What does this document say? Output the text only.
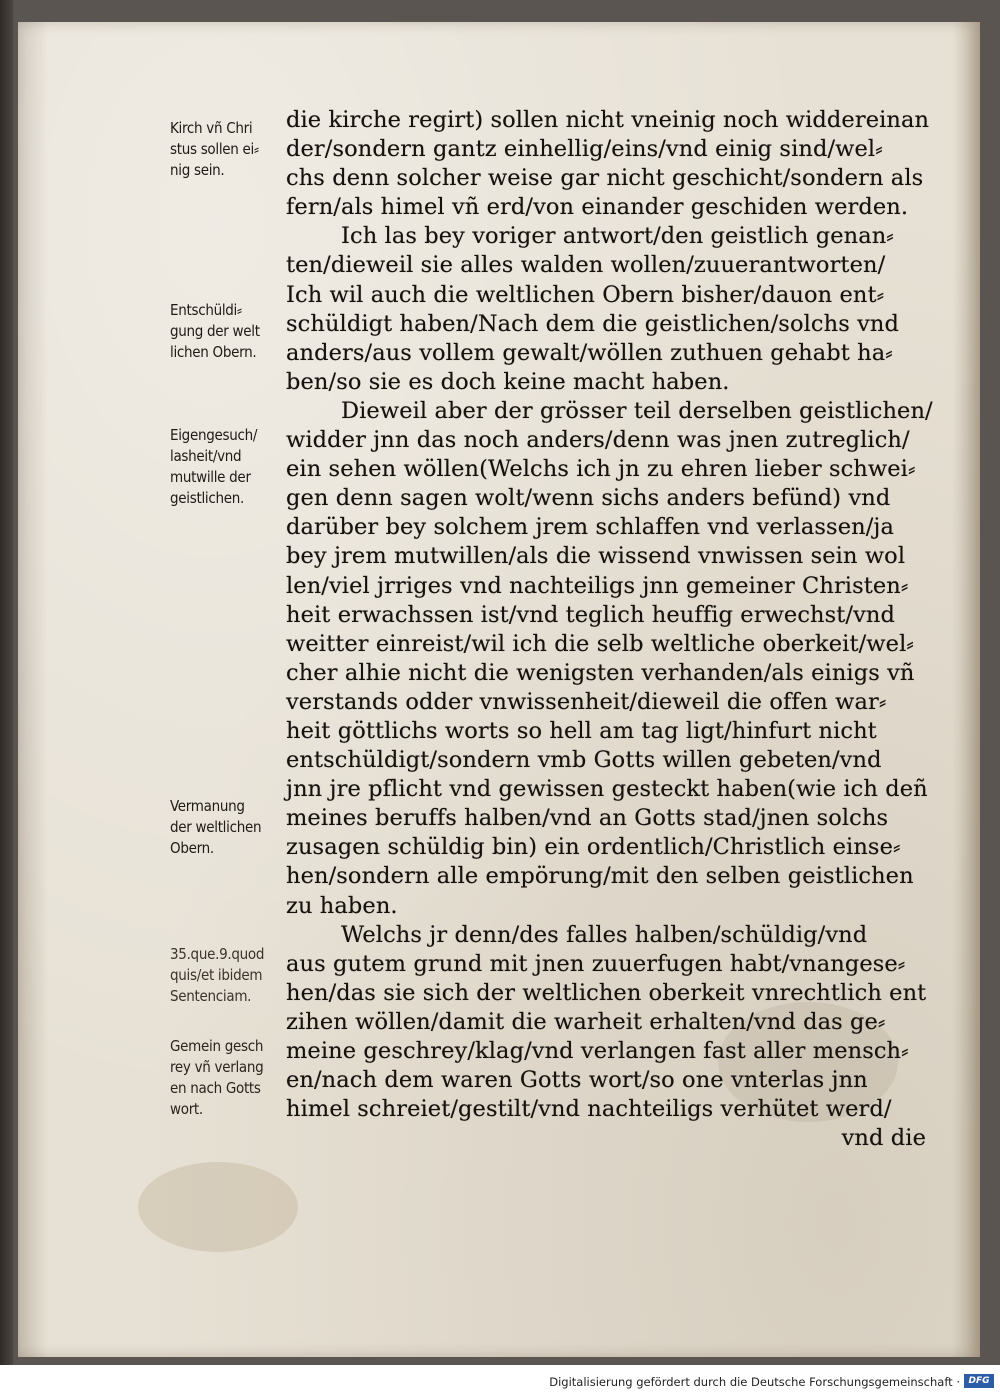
Kirch vñ Chri
stus sollen ei⸗
nig sein.
Entschüldi⸗
gung der welt
lichen Obern.
Eigengesuch/
lasheit/vnd
mutwille der
geistlichen.
Vermanung
der weltlichen
Obern.
35.que.9.quod
quis/et ibidem
Sentenciam.
Gemein gesch
rey vñ verlang
en nach Gotts
wort.
die kirche regirt) sollen nicht vneinig noch widdereinan
der/sondern gantz einhellig/eins/vnd einig sind/wel⸗
chs denn solcher weise gar nicht geschicht/sondern als
fern/als himel vñ erd/von einander geschiden werden.
Ich las bey voriger antwort/den geistlich genan⸗
ten/dieweil sie alles walden wollen/zuuerantworten/
Ich wil auch die weltlichen Obern bisher/dauon ent⸗
schüldigt haben/Nach dem die geistlichen/solchs vnd
anders/aus vollem gewalt/wöllen zuthuen gehabt ha⸗
ben/so sie es doch keine macht haben.
Dieweil aber der grösser teil derselben geistlichen/
widder jnn das noch anders/denn was jnen zutreglich/
ein sehen wöllen(Welchs ich jn zu ehren lieber schwei⸗
gen denn sagen wolt/wenn sichs anders befünd) vnd
darüber bey solchem jrem schlaffen vnd verlassen/ja
bey jrem mutwillen/als die wissend vnwissen sein wol
len/viel jrriges vnd nachteiligs jnn gemeiner Christen⸗
heit erwachssen ist/vnd teglich heuffig erwechst/vnd
weitter einreist/wil ich die selb weltliche oberkeit/wel⸗
cher alhie nicht die wenigsten verhanden/als einigs vñ
verstands odder vnwissenheit/dieweil die offen war⸗
heit göttlichs worts so hell am tag ligt/hinfurt nicht
entschüldigt/sondern vmb Gotts willen gebeten/vnd
jnn jre pflicht vnd gewissen gesteckt haben(wie ich deñ
meines beruffs halben/vnd an Gotts stad/jnen solchs
zusagen schüldig bin) ein ordentlich/Christlich einse⸗
hen/sondern alle empörung/mit den selben geistlichen
zu haben.
Welchs jr denn/des falles halben/schüldig/vnd
aus gutem grund mit jnen zuuerfugen habt/vnangese⸗
hen/das sie sich der weltlichen oberkeit vnrechtlich ent
zihen wöllen/damit die warheit erhalten/vnd das ge⸗
meine geschrey/klag/vnd verlangen fast aller mensch⸗
en/nach dem waren Gotts wort/so one vnterlas jnn
himel schreiet/gestilt/vnd nachteiligs verhütet werd/
vnd die
Digitalisierung gefördert durch die Deutsche Forschungsgemeinschaft · DFG
